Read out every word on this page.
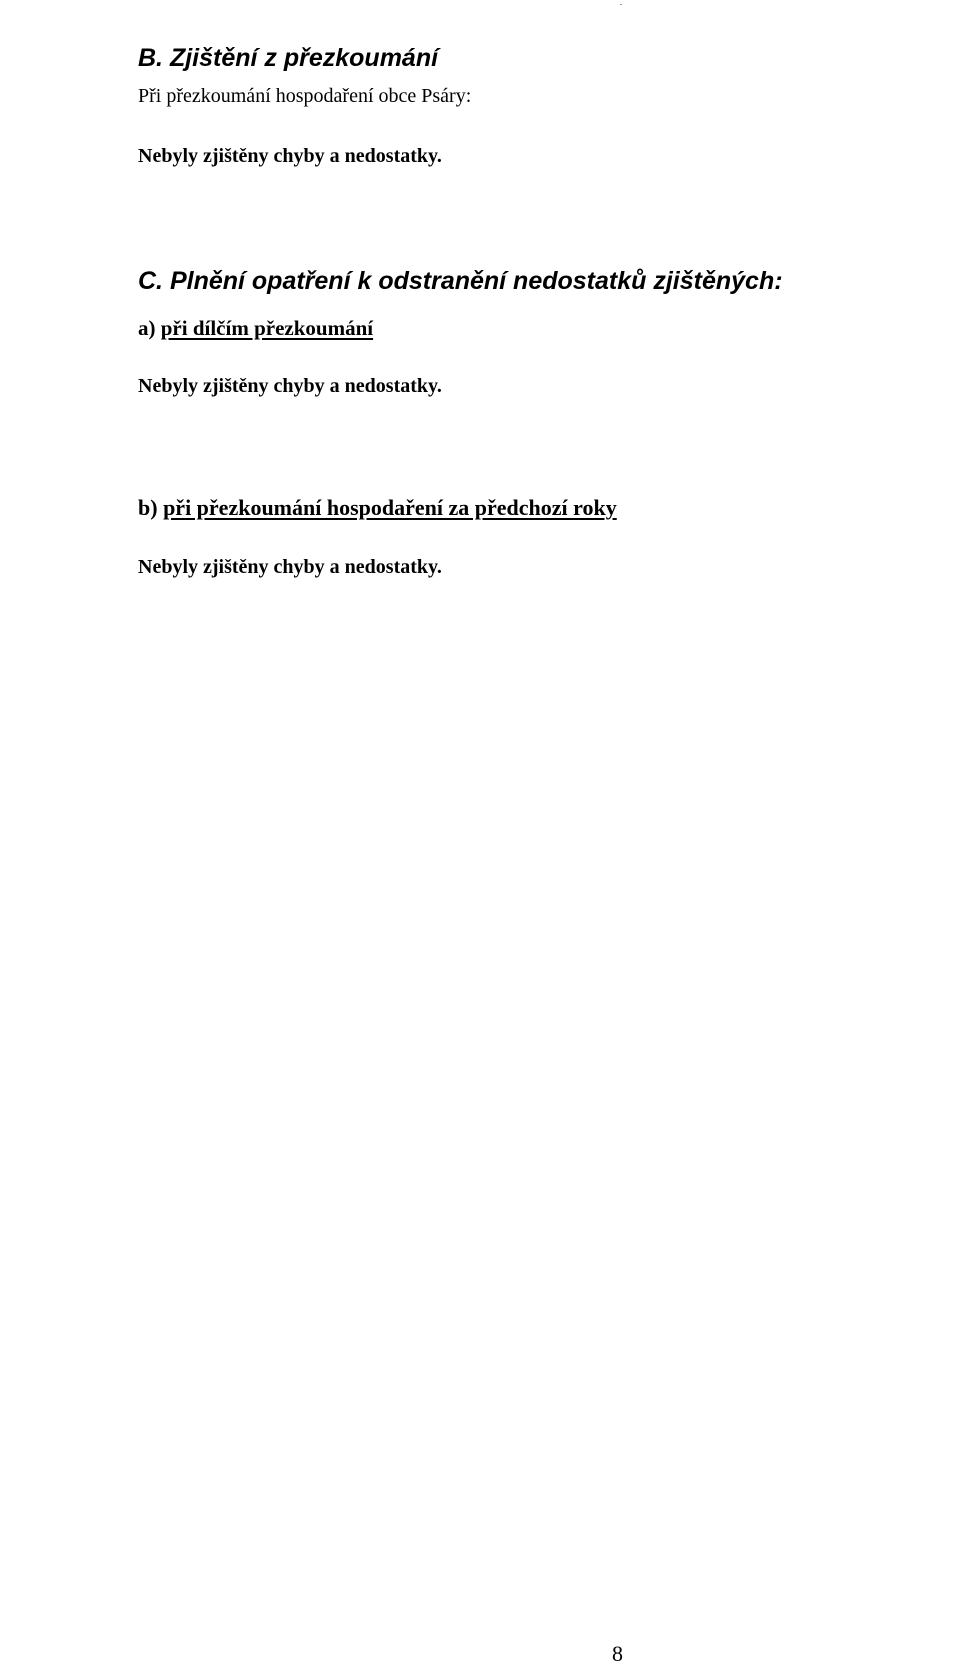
B. Zjištění z přezkoumání

Při přezkoumání hospodaření obce Psáry:

Nebyly zjištěny chyby a nedostatky.

C. Plnění opatření k odstranění nedostatků zjištěných:

a) při dílčím přezkoumání

Nebyly zjištěny chyby a nedostatky.

b) při přezkoumání hospodaření za předchozí roky

Nebyly zjištěny chyby a nedostatky.

8
